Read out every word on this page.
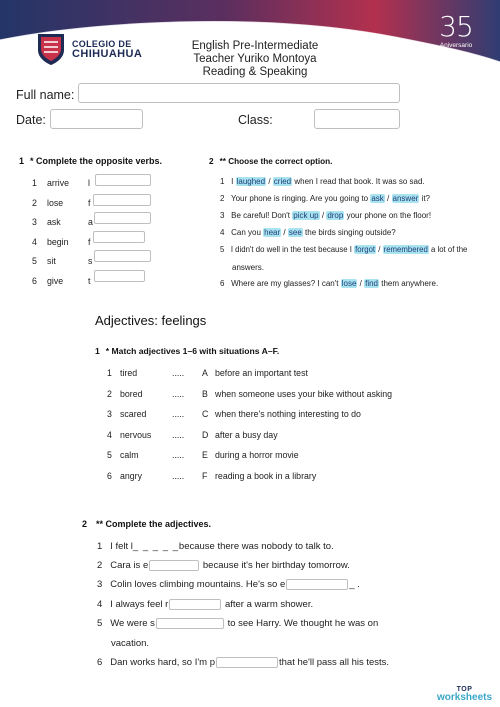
COLEGIO DE
CHIHUAHUA
35
Aniversario
English Pre-Intermediate
Teacher Yuriko Montoya
Reading & Speaking
Full name:
Date:	Class:
1 * Complete the opposite verbs.
1 arrive l
2 lose	f
3 ask	a
4 begin f
5 sit	s
6 give	t
2 ** Choose the correct option.
1 I laughed / cried when I read that book. It was so sad.
2 Your phone is ringing. Are you going to ask / answer it?
3 Be careful! Don't pick up / drop your phone on the floor!
4 Can you hear / see the birds singing outside?
5 I didn't do well in the test because I forgot / remembered a lot of the
answers.
6 Where are my glasses? I can't lose / find them anywhere.
Adjectives: feelings
1 * Match adjectives 1–6 with situations A–F.
1 tired	..... A before an important test
2 bored	..... B when someone uses your bike without asking
3 scared	..... C when there's nothing interesting to do
4 nervous ..... D after a busy day
5 calm	..... E during a horror movie
6 angry	..... F reading a book in a library
2 ** Complete the adjectives.
1 I felt l_ _ _ _ _because there was nobody to talk to.
2 Cara is e	because it's her birthday tomorrow.
3 Colin loves climbing mountains. He's so e	_ .
4 I always feel r	after a warm shower.
5 We were s	to see Harry. We thought he was on
vacation.
6 Dan works hard, so I'm p	that he'll pass all his tests.
TOP
worksheets
